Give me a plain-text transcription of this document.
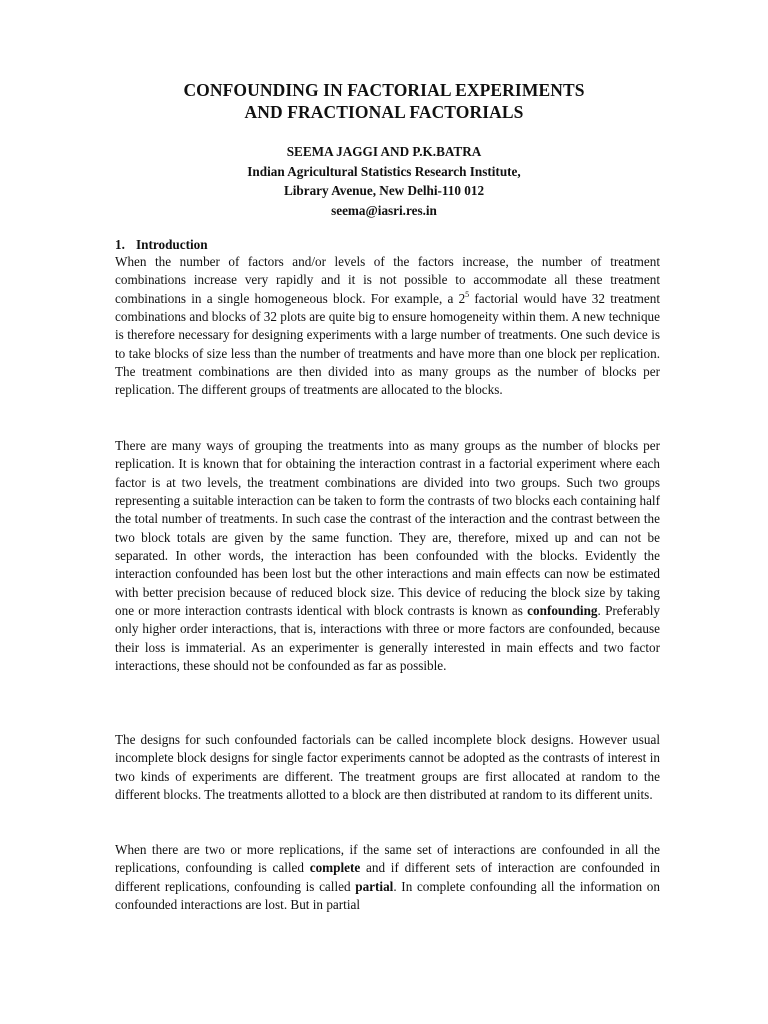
CONFOUNDING IN FACTORIAL EXPERIMENTS
AND FRACTIONAL FACTORIALS
SEEMA JAGGI AND P.K.BATRA
Indian Agricultural Statistics Research Institute,
Library Avenue, New Delhi-110 012
seema@iasri.res.in
1. Introduction

When the number of factors and/or levels of the factors increase, the number of treatment combinations increase very rapidly and it is not possible to accommodate all these treatment combinations in a single homogeneous block. For example, a $2^5$ factorial would have 32 treatment combinations and blocks of 32 plots are quite big to ensure homogeneity within them. A new technique is therefore necessary for designing experiments with a large number of treatments. One such device is to take blocks of size less than the number of treatments and have more than one block per replication. The treatment combinations are then divided into as many groups as the number of blocks per replication. The different groups of treatments are allocated to the blocks.

There are many ways of grouping the treatments into as many groups as the number of blocks per replication. It is known that for obtaining the interaction contrast in a factorial experiment where each factor is at two levels, the treatment combinations are divided into two groups. Such two groups representing a suitable interaction can be taken to form the contrasts of two blocks each containing half the total number of treatments. In such case the contrast of the interaction and the contrast between the two block totals are given by the same function. They are, therefore, mixed up and can not be separated. In other words, the interaction has been confounded with the blocks. Evidently the interaction confounded has been lost but the other interactions and main effects can now be estimated with better precision because of reduced block size. This device of reducing the block size by taking one or more interaction contrasts identical with block contrasts is known as confounding. Preferably only higher order interactions, that is, interactions with three or more factors are confounded, because their loss is immaterial. As an experimenter is generally interested in main effects and two factor interactions, these should not be confounded as far as possible.

The designs for such confounded factorials can be called incomplete block designs. However usual incomplete block designs for single factor experiments cannot be adopted as the contrasts of interest in two kinds of experiments are different. The treatment groups are first allocated at random to the different blocks. The treatments allotted to a block are then distributed at random to its different units.

When there are two or more replications, if the same set of interactions are confounded in all the replications, confounding is called complete and if different sets of interaction are confounded in different replications, confounding is called partial. In complete confounding all the information on confounded interactions are lost. But in partial
